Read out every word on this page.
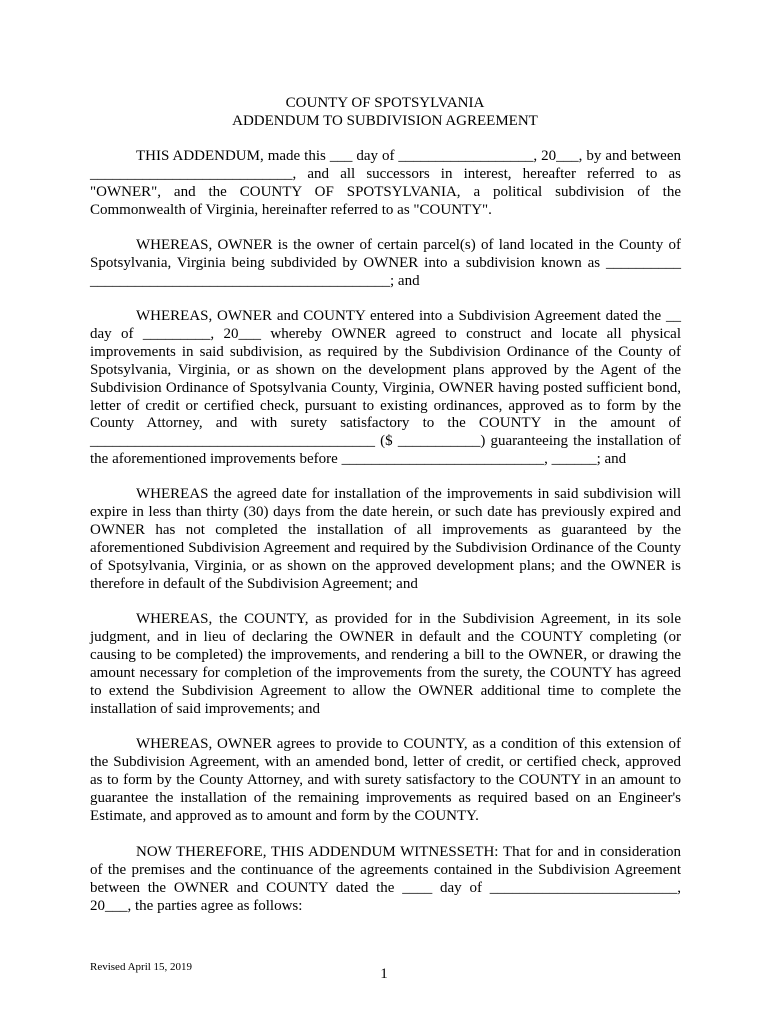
COUNTY OF SPOTSYLVANIA
ADDENDUM TO SUBDIVISION AGREEMENT

THIS ADDENDUM, made this ___ day of __________________, 20___, by and between ___________________________, and all successors in interest, hereafter referred to as "OWNER", and the COUNTY OF SPOTSYLVANIA, a political subdivision of the Commonwealth of Virginia, hereinafter referred to as "COUNTY".

WHEREAS, OWNER is the owner of certain parcel(s) of land located in the County of Spotsylvania, Virginia being subdivided by OWNER into a subdivision known as __________ ________________________________________; and

WHEREAS, OWNER and COUNTY entered into a Subdivision Agreement dated the __ day of _________, 20___ whereby OWNER agreed to construct and locate all physical improvements in said subdivision, as required by the Subdivision Ordinance of the County of Spotsylvania, Virginia, or as shown on the development plans approved by the Agent of the Subdivision Ordinance of Spotsylvania County, Virginia, OWNER having posted sufficient bond, letter of credit or certified check, pursuant to existing ordinances, approved as to form by the County Attorney, and with surety satisfactory to the COUNTY in the amount of ______________________________________ ($ ___________) guaranteeing the installation of the aforementioned improvements before ___________________________, ______; and

WHEREAS the agreed date for installation of the improvements in said subdivision will expire in less than thirty (30) days from the date herein, or such date has previously expired and OWNER has not completed the installation of all improvements as guaranteed by the aforementioned Subdivision Agreement and required by the Subdivision Ordinance of the County of Spotsylvania, Virginia, or as shown on the approved development plans; and the OWNER is therefore in default of the Subdivision Agreement; and

WHEREAS, the COUNTY, as provided for in the Subdivision Agreement, in its sole judgment, and in lieu of declaring the OWNER in default and the COUNTY completing (or causing to be completed) the improvements, and rendering a bill to the OWNER, or drawing the amount necessary for completion of the improvements from the surety, the COUNTY has agreed to extend the Subdivision Agreement to allow the OWNER additional time to complete the installation of said improvements; and

WHEREAS, OWNER agrees to provide to COUNTY, as a condition of this extension of the Subdivision Agreement, with an amended bond, letter of credit, or certified check, approved as to form by the County Attorney, and with surety satisfactory to the COUNTY in an amount to guarantee the installation of the remaining improvements as required based on an Engineer's Estimate, and approved as to amount and form by the COUNTY.

NOW THEREFORE, THIS ADDENDUM WITNESSETH: That for and in consideration of the premises and the continuance of the agreements contained in the Subdivision Agreement between the OWNER and COUNTY dated the ____ day of _________________________, 20___, the parties agree as follows:

Revised April 15, 2019	1
